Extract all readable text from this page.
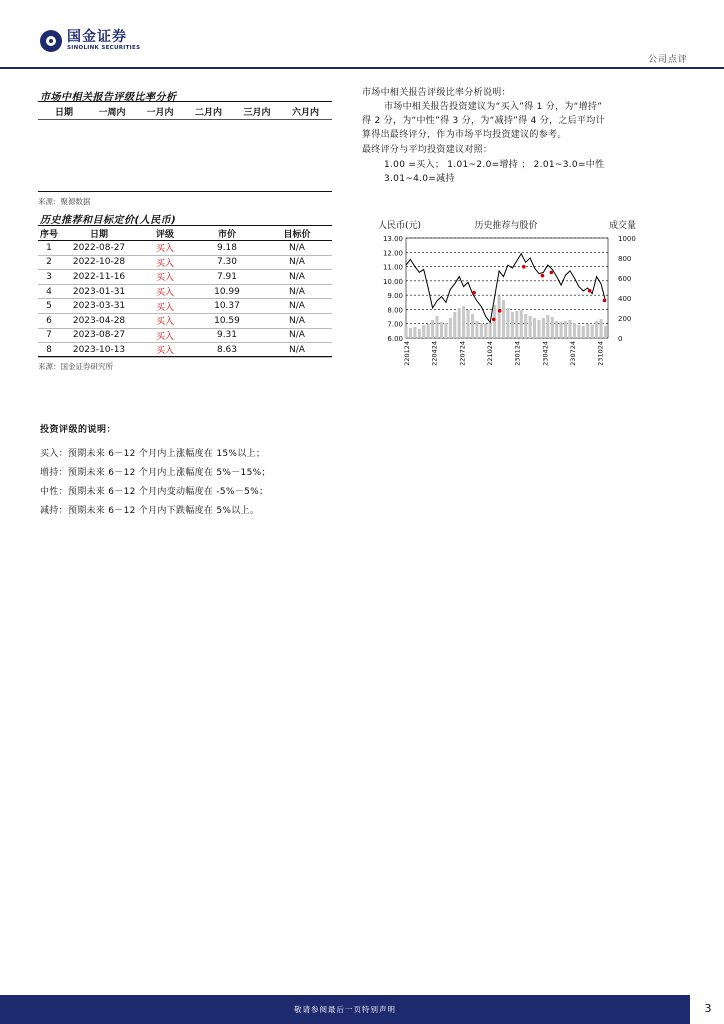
国金证券
SINOLINK SECURITIES
公司点评
市场中相关报告评级比率分析
日期	一周内	一月内	二月内	三月内	六月内
来源：聚源数据
历史推荐和目标定价(人民币)
序号	日期	评级	市价	目标价
1	2022-08-27	买入	9.18	N/A
2	2022-10-28	买入	7.30	N/A
3	2022-11-16	买入	7.91	N/A
4	2023-01-31	买入	10.99	N/A
5	2023-03-31	买入	10.37	N/A
6	2023-04-28	买入	10.59	N/A
7	2023-08-27	买入	9.31	N/A
8	2023-10-13	买入	8.63	N/A
来源：国金证券研究所
市场中相关报告评级比率分析说明：
市场中相关报告投资建议为“买入”得 1 分，为“增持”
得 2 分，为“中性”得 3 分，为“减持”得 4 分，之后平均计
算得出最终评分，作为市场平均投资建议的参考。
最终评分与平均投资建议对照：
1.00 =买入； 1.01~2.0=增持 ； 2.01~3.0=中性
3.01~4.0=减持
人民币(元)	历史推荐与股价	成交量
13.00
12.00
11.00
10.00
9.00
8.00
7.00
6.00
1000
800
600
400
200
0
220124	220424	220724	221024	230124	230424	230724	231024
投资评级的说明：
买入：预期未来 6－12 个月内上涨幅度在 15%以上；
增持：预期未来 6－12 个月内上涨幅度在 5%－15%；
中性：预期未来 6－12 个月内变动幅度在 -5%－5%；
减持：预期未来 6－12 个月内下跌幅度在 5%以上。
敬请参阅最后一页特别声明	3
